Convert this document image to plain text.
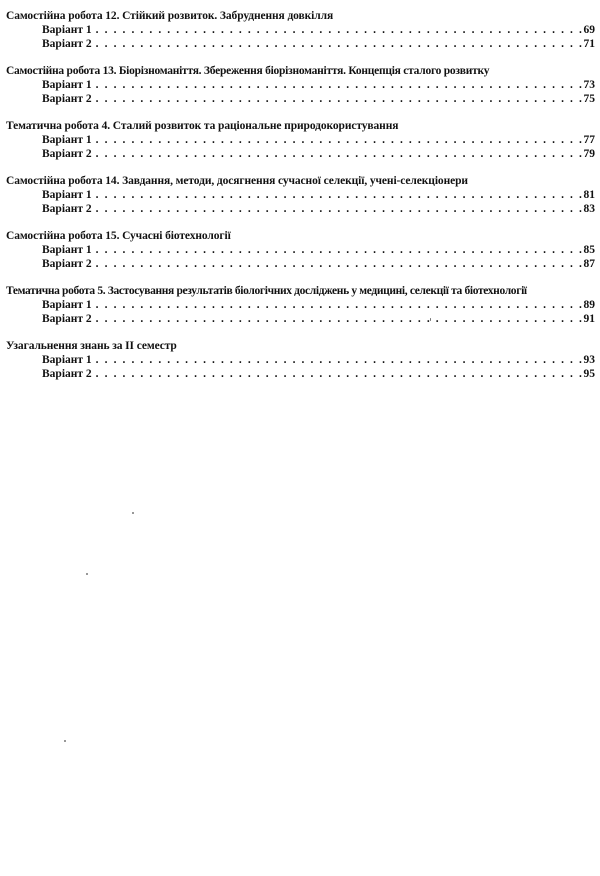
Самостійна робота 12. Стійкий розвиток. Забруднення довкілля
Варіант 1 . . .	69
Варіант 2 . . .	71
Самостійна робота 13. Біорізноманіття. Збереження біорізноманіття. Концепція сталого розвитку
Варіант 1 . . .	73
Варіант 2 . . .	75
Тематична робота 4. Сталий розвиток та раціональне природокористування
Варіант 1 . . .	77
Варіант 2 . . .	79
Самостійна робота 14. Завдання, методи, досягнення сучасної селекції, учені-селекціонери
Варіант 1 . . .	81
Варіант 2 . . .	83
Самостійна робота 15. Сучасні біотехнології
Варіант 1 . . .	85
Варіант 2 . . .	87
Тематична робота 5. Застосування результатів біологічних досліджень у медицині, селекції та біотехнології
Варіант 1 . . .	89
Варіант 2 . . .	91
Узагальнення знань за II семестр
Варіант 1 . . .	93
Варіант 2 . . .	95
